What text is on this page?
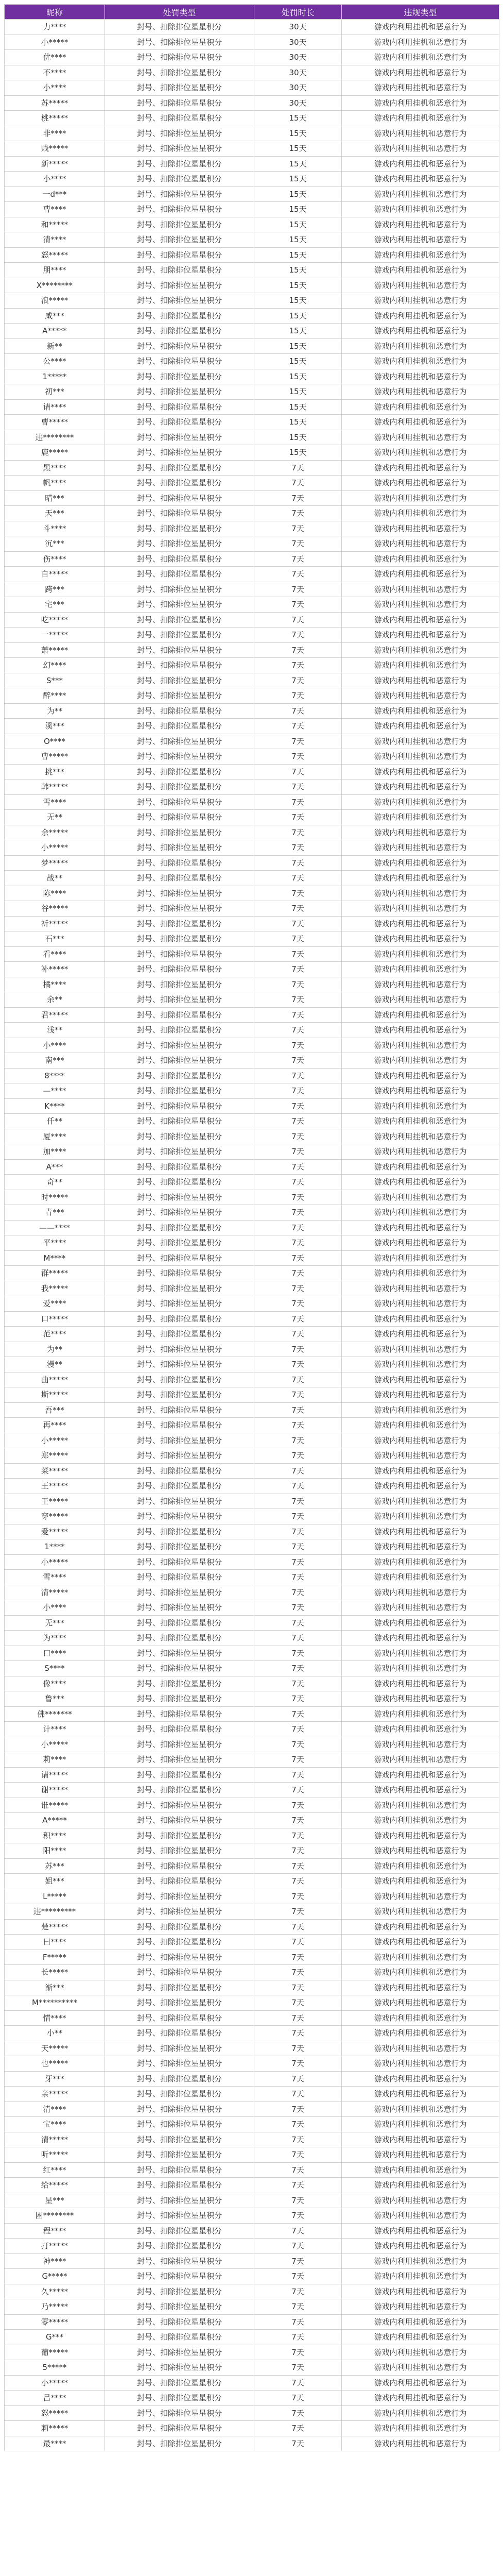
昵称	处罚类型	处罚时长	违规类型
力****	封号、扣除排位星星积分	30天	游戏内利用挂机和恶意行为
小*****	封号、扣除排位星星积分	30天	游戏内利用挂机和恶意行为
优****	封号、扣除排位星星积分	30天	游戏内利用挂机和恶意行为
不****	封号、扣除排位星星积分	30天	游戏内利用挂机和恶意行为
小****	封号、扣除排位星星积分	30天	游戏内利用挂机和恶意行为
苏*****	封号、扣除排位星星积分	30天	游戏内利用挂机和恶意行为
桃*****	封号、扣除排位星星积分	15天	游戏内利用挂机和恶意行为
非****	封号、扣除排位星星积分	15天	游戏内利用挂机和恶意行为
贱*****	封号、扣除排位星星积分	15天	游戏内利用挂机和恶意行为
新*****	封号、扣除排位星星积分	15天	游戏内利用挂机和恶意行为
小****	封号、扣除排位星星积分	15天	游戏内利用挂机和恶意行为
一d***	封号、扣除排位星星积分	15天	游戏内利用挂机和恶意行为
曹****	封号、扣除排位星星积分	15天	游戏内利用挂机和恶意行为
和*****	封号、扣除排位星星积分	15天	游戏内利用挂机和恶意行为
清****	封号、扣除排位星星积分	15天	游戏内利用挂机和恶意行为
怒*****	封号、扣除排位星星积分	15天	游戏内利用挂机和恶意行为
朋****	封号、扣除排位星星积分	15天	游戏内利用挂机和恶意行为
X********	封号、扣除排位星星积分	15天	游戏内利用挂机和恶意行为
浪*****	封号、扣除排位星星积分	15天	游戏内利用挂机和恶意行为
咸***	封号、扣除排位星星积分	15天	游戏内利用挂机和恶意行为
A*****	封号、扣除排位星星积分	15天	游戏内利用挂机和恶意行为
新**	封号、扣除排位星星积分	15天	游戏内利用挂机和恶意行为
公****	封号、扣除排位星星积分	15天	游戏内利用挂机和恶意行为
1*****	封号、扣除排位星星积分	15天	游戏内利用挂机和恶意行为
初***	封号、扣除排位星星积分	15天	游戏内利用挂机和恶意行为
请****	封号、扣除排位星星积分	15天	游戏内利用挂机和恶意行为
曹*****	封号、扣除排位星星积分	15天	游戏内利用挂机和恶意行为
违********	封号、扣除排位星星积分	15天	游戏内利用挂机和恶意行为
鹿*****	封号、扣除排位星星积分	15天	游戏内利用挂机和恶意行为
黑****	封号、扣除排位星星积分	7天	游戏内利用挂机和恶意行为
帆****	封号、扣除排位星星积分	7天	游戏内利用挂机和恶意行为
晴***	封号、扣除排位星星积分	7天	游戏内利用挂机和恶意行为
天***	封号、扣除排位星星积分	7天	游戏内利用挂机和恶意行为
斗****	封号、扣除排位星星积分	7天	游戏内利用挂机和恶意行为
沉***	封号、扣除排位星星积分	7天	游戏内利用挂机和恶意行为
伤****	封号、扣除排位星星积分	7天	游戏内利用挂机和恶意行为
自*****	封号、扣除排位星星积分	7天	游戏内利用挂机和恶意行为
跨***	封号、扣除排位星星积分	7天	游戏内利用挂机和恶意行为
宅***	封号、扣除排位星星积分	7天	游戏内利用挂机和恶意行为
吃*****	封号、扣除排位星星积分	7天	游戏内利用挂机和恶意行为
一*****	封号、扣除排位星星积分	7天	游戏内利用挂机和恶意行为
萧*****	封号、扣除排位星星积分	7天	游戏内利用挂机和恶意行为
幻****	封号、扣除排位星星积分	7天	游戏内利用挂机和恶意行为
S***	封号、扣除排位星星积分	7天	游戏内利用挂机和恶意行为
醉****	封号、扣除排位星星积分	7天	游戏内利用挂机和恶意行为
为**	封号、扣除排位星星积分	7天	游戏内利用挂机和恶意行为
溪***	封号、扣除排位星星积分	7天	游戏内利用挂机和恶意行为
O****	封号、扣除排位星星积分	7天	游戏内利用挂机和恶意行为
曹*****	封号、扣除排位星星积分	7天	游戏内利用挂机和恶意行为
挑***	封号、扣除排位星星积分	7天	游戏内利用挂机和恶意行为
韩*****	封号、扣除排位星星积分	7天	游戏内利用挂机和恶意行为
雪****	封号、扣除排位星星积分	7天	游戏内利用挂机和恶意行为
无**	封号、扣除排位星星积分	7天	游戏内利用挂机和恶意行为
余*****	封号、扣除排位星星积分	7天	游戏内利用挂机和恶意行为
小*****	封号、扣除排位星星积分	7天	游戏内利用挂机和恶意行为
梦*****	封号、扣除排位星星积分	7天	游戏内利用挂机和恶意行为
战**	封号、扣除排位星星积分	7天	游戏内利用挂机和恶意行为
陈****	封号、扣除排位星星积分	7天	游戏内利用挂机和恶意行为
谷*****	封号、扣除排位星星积分	7天	游戏内利用挂机和恶意行为
祈*****	封号、扣除排位星星积分	7天	游戏内利用挂机和恶意行为
石***	封号、扣除排位星星积分	7天	游戏内利用挂机和恶意行为
看****	封号、扣除排位星星积分	7天	游戏内利用挂机和恶意行为
补*****	封号、扣除排位星星积分	7天	游戏内利用挂机和恶意行为
橘****	封号、扣除排位星星积分	7天	游戏内利用挂机和恶意行为
余**	封号、扣除排位星星积分	7天	游戏内利用挂机和恶意行为
君*****	封号、扣除排位星星积分	7天	游戏内利用挂机和恶意行为
浅**	封号、扣除排位星星积分	7天	游戏内利用挂机和恶意行为
小****	封号、扣除排位星星积分	7天	游戏内利用挂机和恶意行为
南***	封号、扣除排位星星积分	7天	游戏内利用挂机和恶意行为
8****	封号、扣除排位星星积分	7天	游戏内利用挂机和恶意行为
—****	封号、扣除排位星星积分	7天	游戏内利用挂机和恶意行为
K****	封号、扣除排位星星积分	7天	游戏内利用挂机和恶意行为
仟**	封号、扣除排位星星积分	7天	游戏内利用挂机和恶意行为
厦****	封号、扣除排位星星积分	7天	游戏内利用挂机和恶意行为
加****	封号、扣除排位星星积分	7天	游戏内利用挂机和恶意行为
A***	封号、扣除排位星星积分	7天	游戏内利用挂机和恶意行为
奇**	封号、扣除排位星星积分	7天	游戏内利用挂机和恶意行为
时*****	封号、扣除排位星星积分	7天	游戏内利用挂机和恶意行为
青***	封号、扣除排位星星积分	7天	游戏内利用挂机和恶意行为
——****	封号、扣除排位星星积分	7天	游戏内利用挂机和恶意行为
平****	封号、扣除排位星星积分	7天	游戏内利用挂机和恶意行为
M****	封号、扣除排位星星积分	7天	游戏内利用挂机和恶意行为
群*****	封号、扣除排位星星积分	7天	游戏内利用挂机和恶意行为
我*****	封号、扣除排位星星积分	7天	游戏内利用挂机和恶意行为
爱****	封号、扣除排位星星积分	7天	游戏内利用挂机和恶意行为
口*****	封号、扣除排位星星积分	7天	游戏内利用挂机和恶意行为
范****	封号、扣除排位星星积分	7天	游戏内利用挂机和恶意行为
为**	封号、扣除排位星星积分	7天	游戏内利用挂机和恶意行为
漫**	封号、扣除排位星星积分	7天	游戏内利用挂机和恶意行为
曲*****	封号、扣除排位星星积分	7天	游戏内利用挂机和恶意行为
斯*****	封号、扣除排位星星积分	7天	游戏内利用挂机和恶意行为
吾***	封号、扣除排位星星积分	7天	游戏内利用挂机和恶意行为
再****	封号、扣除排位星星积分	7天	游戏内利用挂机和恶意行为
小*****	封号、扣除排位星星积分	7天	游戏内利用挂机和恶意行为
郑*****	封号、扣除排位星星积分	7天	游戏内利用挂机和恶意行为
菜*****	封号、扣除排位星星积分	7天	游戏内利用挂机和恶意行为
王*****	封号、扣除排位星星积分	7天	游戏内利用挂机和恶意行为
王*****	封号、扣除排位星星积分	7天	游戏内利用挂机和恶意行为
穿*****	封号、扣除排位星星积分	7天	游戏内利用挂机和恶意行为
爱*****	封号、扣除排位星星积分	7天	游戏内利用挂机和恶意行为
1****	封号、扣除排位星星积分	7天	游戏内利用挂机和恶意行为
小*****	封号、扣除排位星星积分	7天	游戏内利用挂机和恶意行为
雪****	封号、扣除排位星星积分	7天	游戏内利用挂机和恶意行为
清*****	封号、扣除排位星星积分	7天	游戏内利用挂机和恶意行为
小****	封号、扣除排位星星积分	7天	游戏内利用挂机和恶意行为
无***	封号、扣除排位星星积分	7天	游戏内利用挂机和恶意行为
为****	封号、扣除排位星星积分	7天	游戏内利用挂机和恶意行为
口****	封号、扣除排位星星积分	7天	游戏内利用挂机和恶意行为
S****	封号、扣除排位星星积分	7天	游戏内利用挂机和恶意行为
像****	封号、扣除排位星星积分	7天	游戏内利用挂机和恶意行为
鲁***	封号、扣除排位星星积分	7天	游戏内利用挂机和恶意行为
佛*******	封号、扣除排位星星积分	7天	游戏内利用挂机和恶意行为
计****	封号、扣除排位星星积分	7天	游戏内利用挂机和恶意行为
小*****	封号、扣除排位星星积分	7天	游戏内利用挂机和恶意行为
莉****	封号、扣除排位星星积分	7天	游戏内利用挂机和恶意行为
请*****	封号、扣除排位星星积分	7天	游戏内利用挂机和恶意行为
谢*****	封号、扣除排位星星积分	7天	游戏内利用挂机和恶意行为
谁*****	封号、扣除排位星星积分	7天	游戏内利用挂机和恶意行为
A*****	封号、扣除排位星星积分	7天	游戏内利用挂机和恶意行为
积****	封号、扣除排位星星积分	7天	游戏内利用挂机和恶意行为
阳****	封号、扣除排位星星积分	7天	游戏内利用挂机和恶意行为
苏***	封号、扣除排位星星积分	7天	游戏内利用挂机和恶意行为
姐***	封号、扣除排位星星积分	7天	游戏内利用挂机和恶意行为
L*****	封号、扣除排位星星积分	7天	游戏内利用挂机和恶意行为
违*********	封号、扣除排位星星积分	7天	游戏内利用挂机和恶意行为
楚*****	封号、扣除排位星星积分	7天	游戏内利用挂机和恶意行为
曰****	封号、扣除排位星星积分	7天	游戏内利用挂机和恶意行为
F*****	封号、扣除排位星星积分	7天	游戏内利用挂机和恶意行为
长*****	封号、扣除排位星星积分	7天	游戏内利用挂机和恶意行为
渐***	封号、扣除排位星星积分	7天	游戏内利用挂机和恶意行为
M**********	封号、扣除排位星星积分	7天	游戏内利用挂机和恶意行为
情****	封号、扣除排位星星积分	7天	游戏内利用挂机和恶意行为
小**	封号、扣除排位星星积分	7天	游戏内利用挂机和恶意行为
天*****	封号、扣除排位星星积分	7天	游戏内利用挂机和恶意行为
也*****	封号、扣除排位星星积分	7天	游戏内利用挂机和恶意行为
牙***	封号、扣除排位星星积分	7天	游戏内利用挂机和恶意行为
亲*****	封号、扣除排位星星积分	7天	游戏内利用挂机和恶意行为
清****	封号、扣除排位星星积分	7天	游戏内利用挂机和恶意行为
宝****	封号、扣除排位星星积分	7天	游戏内利用挂机和恶意行为
清*****	封号、扣除排位星星积分	7天	游戏内利用挂机和恶意行为
听*****	封号、扣除排位星星积分	7天	游戏内利用挂机和恶意行为
红****	封号、扣除排位星星积分	7天	游戏内利用挂机和恶意行为
给*****	封号、扣除排位星星积分	7天	游戏内利用挂机和恶意行为
星***	封号、扣除排位星星积分	7天	游戏内利用挂机和恶意行为
困********	封号、扣除排位星星积分	7天	游戏内利用挂机和恶意行为
程****	封号、扣除排位星星积分	7天	游戏内利用挂机和恶意行为
打*****	封号、扣除排位星星积分	7天	游戏内利用挂机和恶意行为
神****	封号、扣除排位星星积分	7天	游戏内利用挂机和恶意行为
G*****	封号、扣除排位星星积分	7天	游戏内利用挂机和恶意行为
久*****	封号、扣除排位星星积分	7天	游戏内利用挂机和恶意行为
乃*****	封号、扣除排位星星积分	7天	游戏内利用挂机和恶意行为
零*****	封号、扣除排位星星积分	7天	游戏内利用挂机和恶意行为
G***	封号、扣除排位星星积分	7天	游戏内利用挂机和恶意行为
葡*****	封号、扣除排位星星积分	7天	游戏内利用挂机和恶意行为
5*****	封号、扣除排位星星积分	7天	游戏内利用挂机和恶意行为
小*****	封号、扣除排位星星积分	7天	游戏内利用挂机和恶意行为
吕****	封号、扣除排位星星积分	7天	游戏内利用挂机和恶意行为
怒*****	封号、扣除排位星星积分	7天	游戏内利用挂机和恶意行为
莉*****	封号、扣除排位星星积分	7天	游戏内利用挂机和恶意行为
最****	封号、扣除排位星星积分	7天	游戏内利用挂机和恶意行为
